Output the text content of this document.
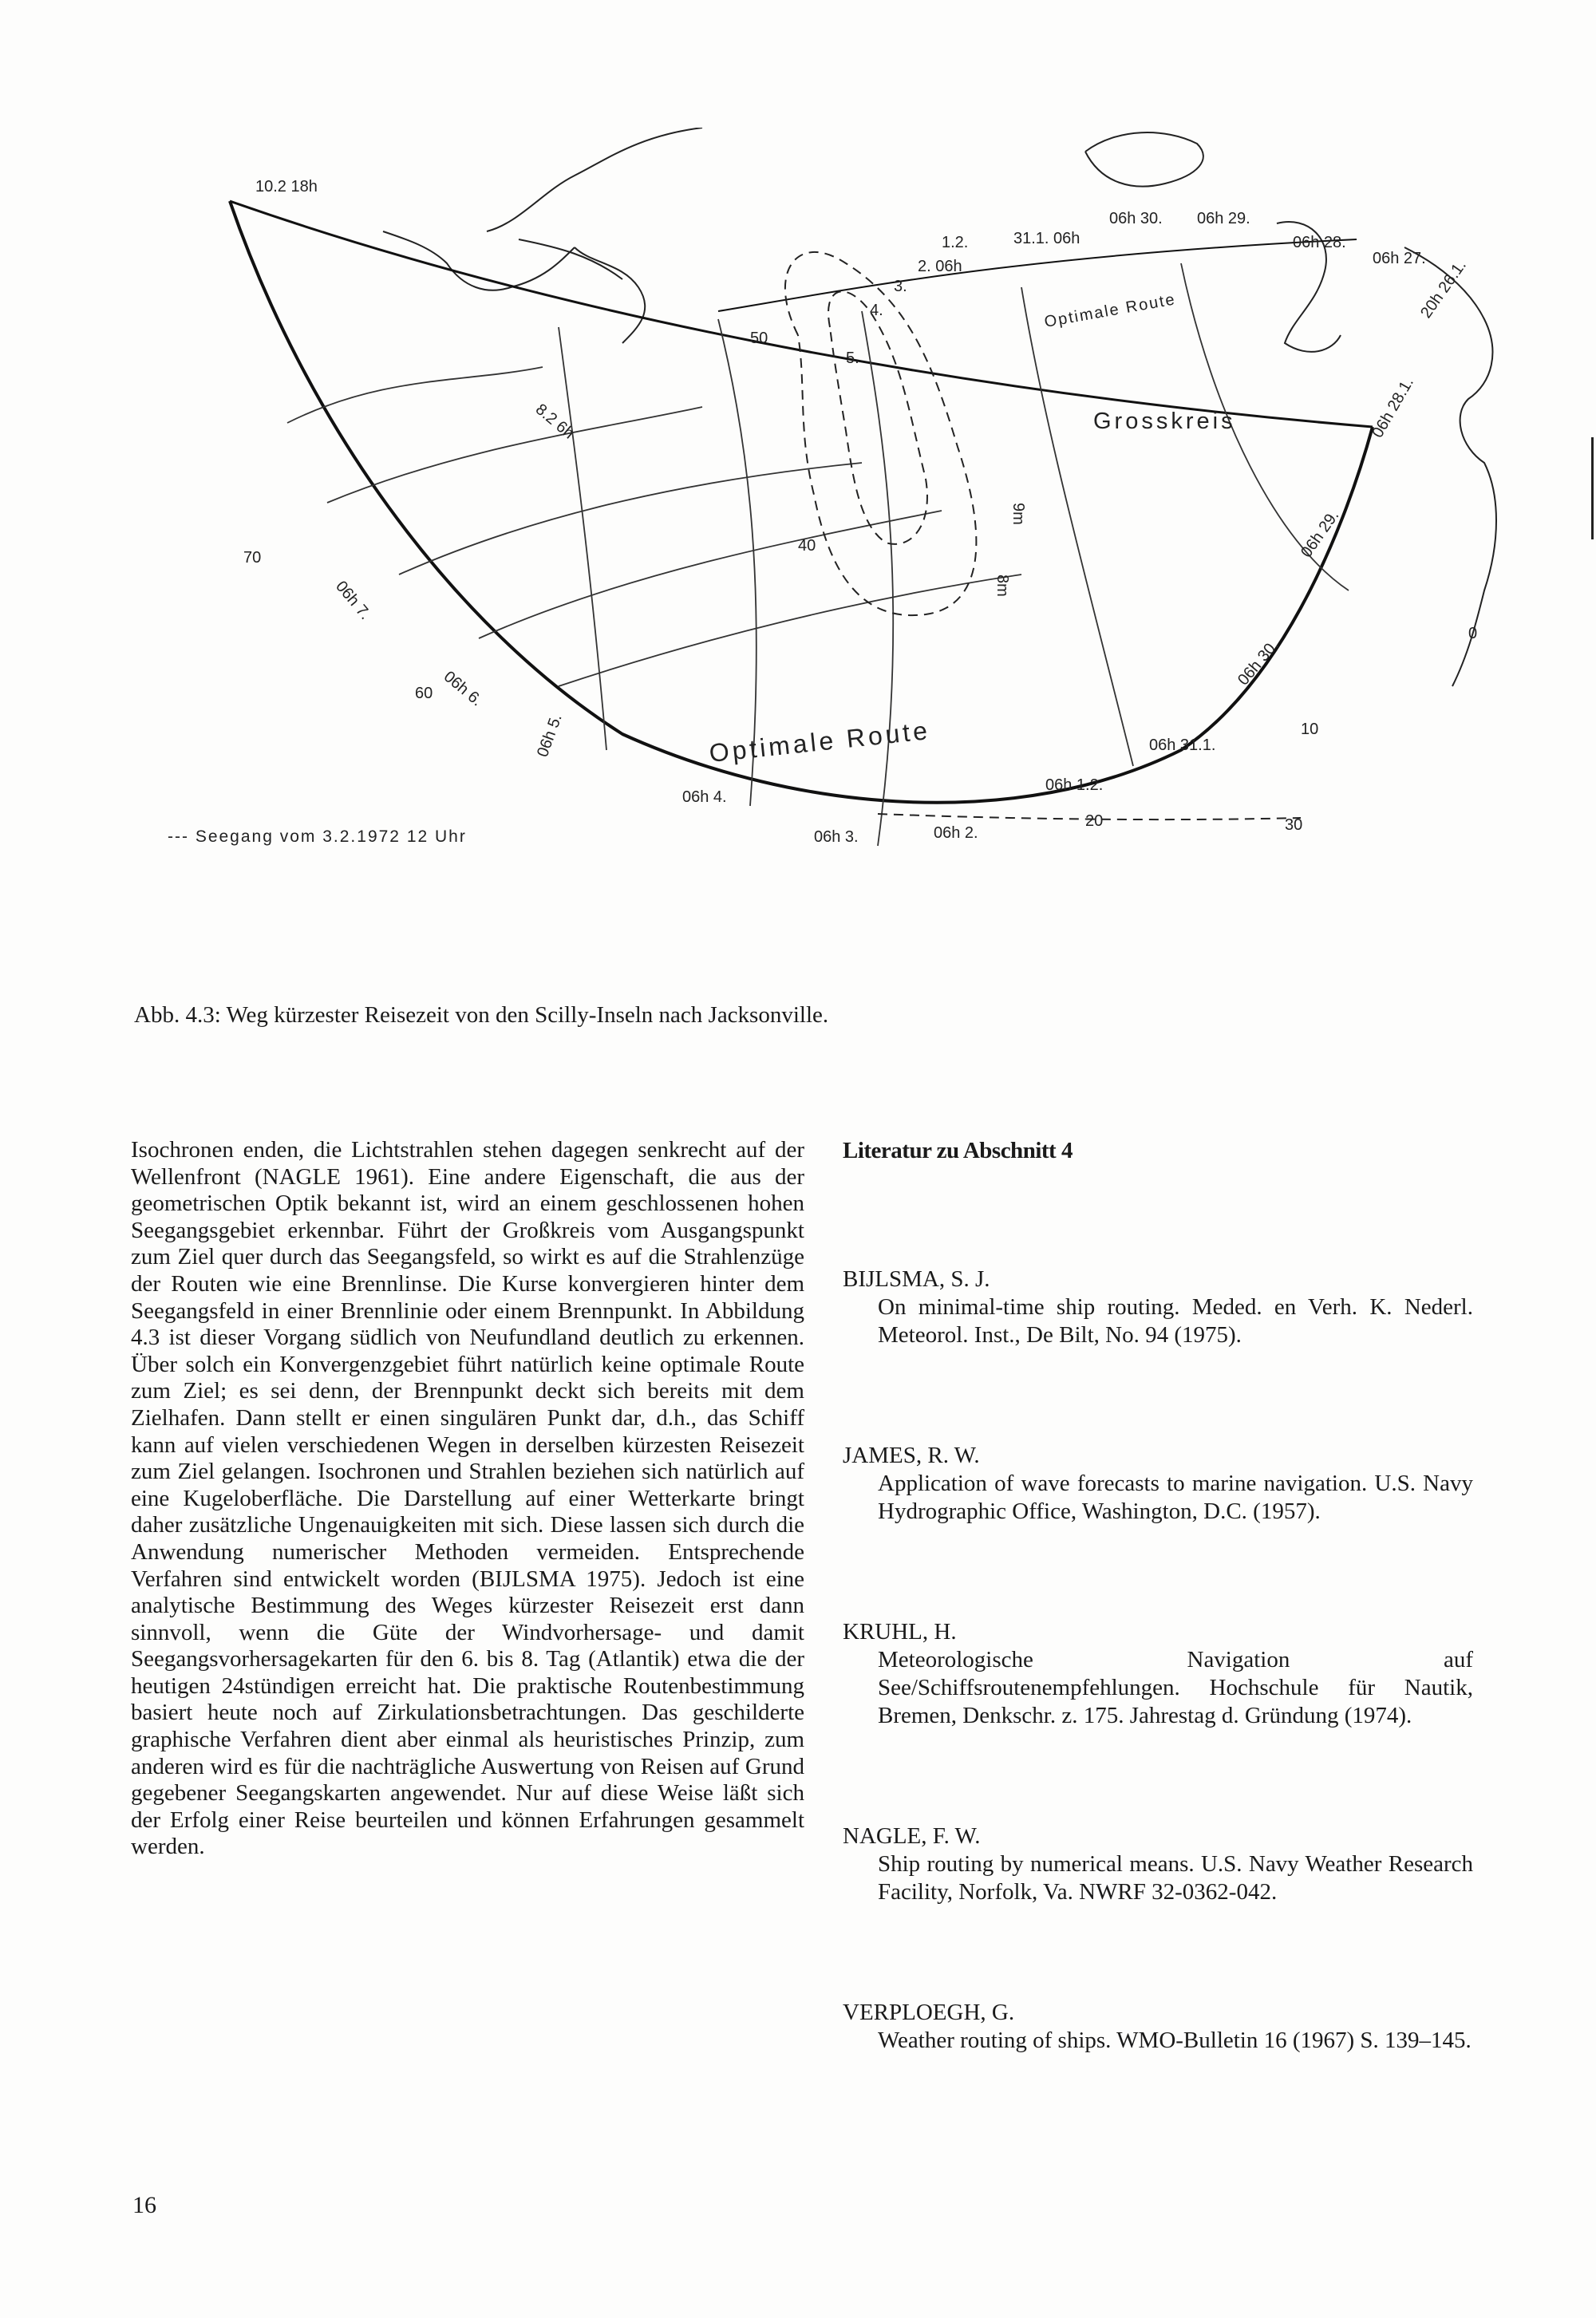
Grosskreis
Optimale Route
Optimale Route
--- Seegang vom 3.2.1972 12 Uhr
10.2 18h
8.2 6h
06h 7.
06h 6.
06h 5.
06h 4.
06h 3.	06h 2.
06h 1.2.
06h 31.1.
06h 30. 06h 29.
06h 28.
06h 27.
20h 26.1.
06h 28.1.
06h 29.
06h 30.
5.
4.
3.
2. 06h
1.2.	31.1. 06h
8m
9m
50
40
30
20
10
0
60
70
Abb. 4.3: Weg kürzester Reisezeit von den Scilly-Inseln nach Jacksonville.

Isochronen enden, die Lichtstrahlen stehen dagegen senkrecht auf der Wellenfront (NAGLE 1961). Eine andere Eigenschaft, die aus der geometrischen Optik bekannt ist, wird an einem geschlossenen hohen Seegangsgebiet erkennbar. Führt der Großkreis vom Ausgangspunkt zum Ziel quer durch das Seegangsfeld, so wirkt es auf die Strahlenzüge der Routen wie eine Brennlinse. Die Kurse konvergieren hinter dem Seegangsfeld in einer Brennlinie oder einem Brennpunkt. In Abbildung 4.3 ist dieser Vorgang südlich von Neufundland deutlich zu erkennen. Über solch ein Konvergenzgebiet führt natürlich keine optimale Route zum Ziel; es sei denn, der Brennpunkt deckt sich bereits mit dem Zielhafen. Dann stellt er einen singulären Punkt dar, d.h., das Schiff kann auf vielen verschiedenen Wegen in derselben kürzesten Reisezeit zum Ziel gelangen. Isochronen und Strahlen beziehen sich natürlich auf eine Kugeloberfläche. Die Darstellung auf einer Wetterkarte bringt daher zusätzliche Ungenauigkeiten mit sich. Diese lassen sich durch die Anwendung numerischer Methoden vermeiden. Entsprechende Verfahren sind entwickelt worden (BIJLSMA 1975). Jedoch ist eine analytische Bestimmung des Weges kürzester Reisezeit erst dann sinnvoll, wenn die Güte der Windvorhersage- und damit Seegangsvorhersagekarten für den 6. bis 8. Tag (Atlantik) etwa die der heutigen 24stündigen erreicht hat. Die praktische Routenbestimmung basiert heute noch auf Zirkulationsbetrachtungen. Das geschilderte graphische Verfahren dient aber einmal als heuristisches Prinzip, zum anderen wird es für die nachträgliche Auswertung von Reisen auf Grund gegebener Seegangskarten angewendet. Nur auf diese Weise läßt sich der Erfolg einer Reise beurteilen und können Erfahrungen gesammelt werden.

Literatur zu Abschnitt 4

BIJLSMA, S. J.

On minimal-time ship routing. Meded. en Verh. K. Nederl. Meteorol. Inst., De Bilt, No. 94 (1975).

JAMES, R. W.

Application of wave forecasts to marine navigation. U.S. Navy Hydrographic Office, Washington, D.C. (1957).

KRUHL, H.

Meteorologische Navigation auf See/Schiffsroutenempfehlungen. Hochschule für Nautik, Bremen, Denkschr. z. 175. Jahrestag d. Gründung (1974).

NAGLE, F. W.

Ship routing by numerical means. U.S. Navy Weather Research Facility, Norfolk, Va. NWRF 32-0362-042.

VERPLOEGH, G.

Weather routing of ships. WMO-Bulletin 16 (1967) S. 139–145.

16
